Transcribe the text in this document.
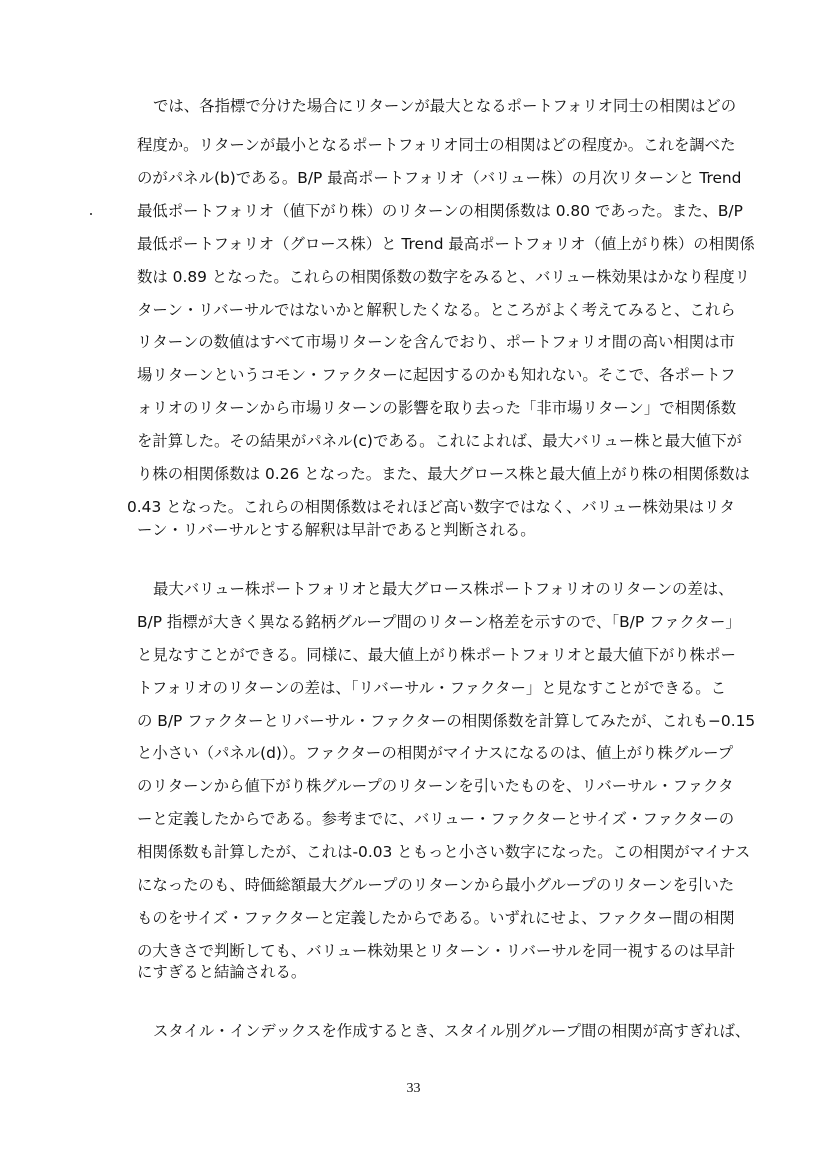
では、各指標で分けた場合にリターンが最大となるポートフォリオ同士の相関はどの
程度か。リターンが最小となるポートフォリオ同士の相関はどの程度か。これを調べた
のがパネル(b)である。B/P 最高ポートフォリオ（バリュー株）の月次リターンと Trend
最低ポートフォリオ（値下がり株）のリターンの相関係数は 0.80 であった。また、B/P
最低ポートフォリオ（グロース株）と Trend 最高ポートフォリオ（値上がり株）の相関係
数は 0.89 となった。これらの相関係数の数字をみると、バリュー株効果はかなり程度リ
ターン・リバーサルではないかと解釈したくなる。ところがよく考えてみると、これら
リターンの数値はすべて市場リターンを含んでおり、ポートフォリオ間の高い相関は市
場リターンというコモン・ファクターに起因するのかも知れない。そこで、各ポートフ
ォリオのリターンから市場リターンの影響を取り去った「非市場リターン」で相関係数
を計算した。その結果がパネル(c)である。これによれば、最大バリュー株と最大値下が
り株の相関係数は 0.26 となった。また、最大グロース株と最大値上がり株の相関係数は
0.43 となった。これらの相関係数はそれほど高い数字ではなく、バリュー株効果はリタ
ーン・リバーサルとする解釈は早計であると判断される。
最大バリュー株ポートフォリオと最大グロース株ポートフォリオのリターンの差は、
B/P 指標が大きく異なる銘柄グループ間のリターン格差を示すので、「B/P ファクター」
と見なすことができる。同様に、最大値上がり株ポートフォリオと最大値下がり株ポー
トフォリオのリターンの差は、「リバーサル・ファクター」と見なすことができる。こ
の B/P ファクターとリバーサル・ファクターの相関係数を計算してみたが、これも−0.15
と小さい（パネル(d)）。ファクターの相関がマイナスになるのは、値上がり株グループ
のリターンから値下がり株グループのリターンを引いたものを、リバーサル・ファクタ
ーと定義したからである。参考までに、バリュー・ファクターとサイズ・ファクターの
相関係数も計算したが、これは-0.03 ともっと小さい数字になった。この相関がマイナス
になったのも、時価総額最大グループのリターンから最小グループのリターンを引いた
ものをサイズ・ファクターと定義したからである。いずれにせよ、ファクター間の相関
の大きさで判断しても、バリュー株効果とリターン・リバーサルを同一視するのは早計
にすぎると結論される。
スタイル・インデックスを作成するとき、スタイル別グループ間の相関が高すぎれば、
33
